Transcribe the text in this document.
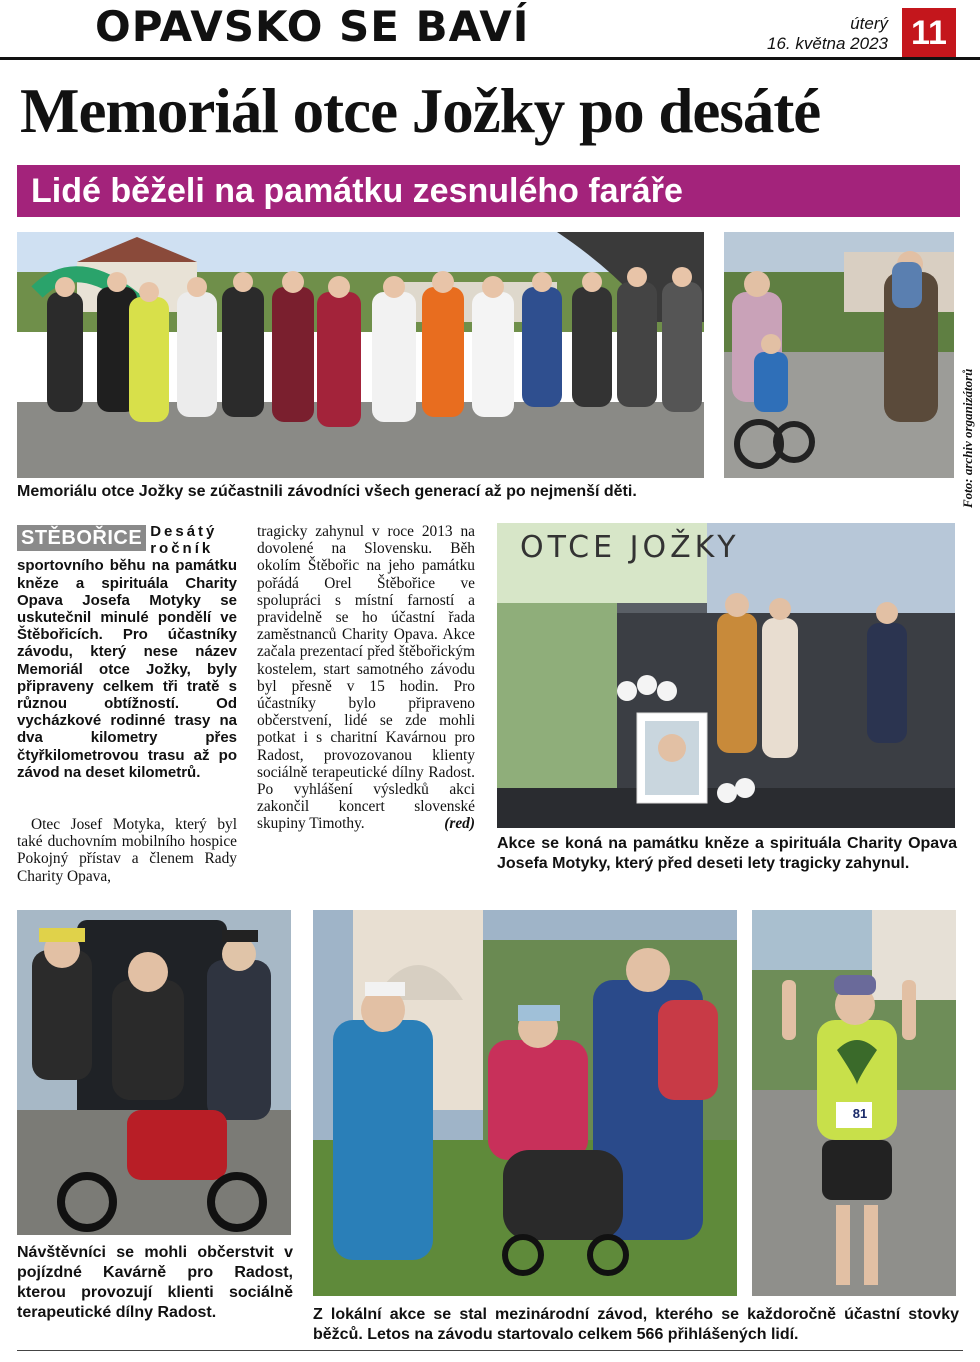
OPAVSKO SE BAVÍ	úterý
16. května 2023 11
Memoriál otce Jožky po desáté
Lidé běželi na památku zesnulého faráře
Foto: archiv organizátorů
Memoriálu otce Jožky se zúčastnili závodníci všech generací až po nejmenší děti.
STĚBOŘICE Desátý ročník sportovního běhu na památku kněze a spirituála Charity Opava Josefa Motyky se uskutečnil minulé pondělí ve Štěbořicích. Pro účastníky závodu, který nese název Memoriál otce Jožky, byly připraveny celkem tři tratě s různou obtížností. Od vycházkové rodinné trasy na dva kilometry přes čtyřkilometrovou trasu až po závod na deset kilometrů.
Otec Josef Motyka, který byl také duchovním mobilního hospice Pokojný přístav a členem Rady Charity Opava,
tragicky zahynul v roce 2013 na dovolené na Slovensku. Běh okolím Štěbořic na jeho památku pořádá Orel Štěbořice ve spolupráci s místní farností a pravidelně se ho účastní řada zaměstnanců Charity Opava. Akce začala prezentací před štěbořickým kostelem, start samotného závodu byl přesně v 15 hodin. Pro účastníky bylo připraveno občerstvení, lidé se zde mohli potkat i s charitní Kavárnou pro Radost, provozovanou klienty sociálně terapeutické dílny Radost. Po vyhlášení výsledků akci zakončil koncert slovenské skupiny Timothy.	(red)
OTCE JOŽKY
Akce se koná na památku kněze a spirituála Charity Opava Josefa Motyky, který před deseti lety tragicky zahynul.
Návštěvníci se mohli občerstvit v pojízdné Kavárně pro Radost, kterou provozují klienti sociálně terapeutické dílny Radost.
81
Z lokální akce se stal mezinárodní závod, kterého se každoročně účastní stovky běžců. Letos na závodu startovalo celkem 566 přihlášených lidí.
